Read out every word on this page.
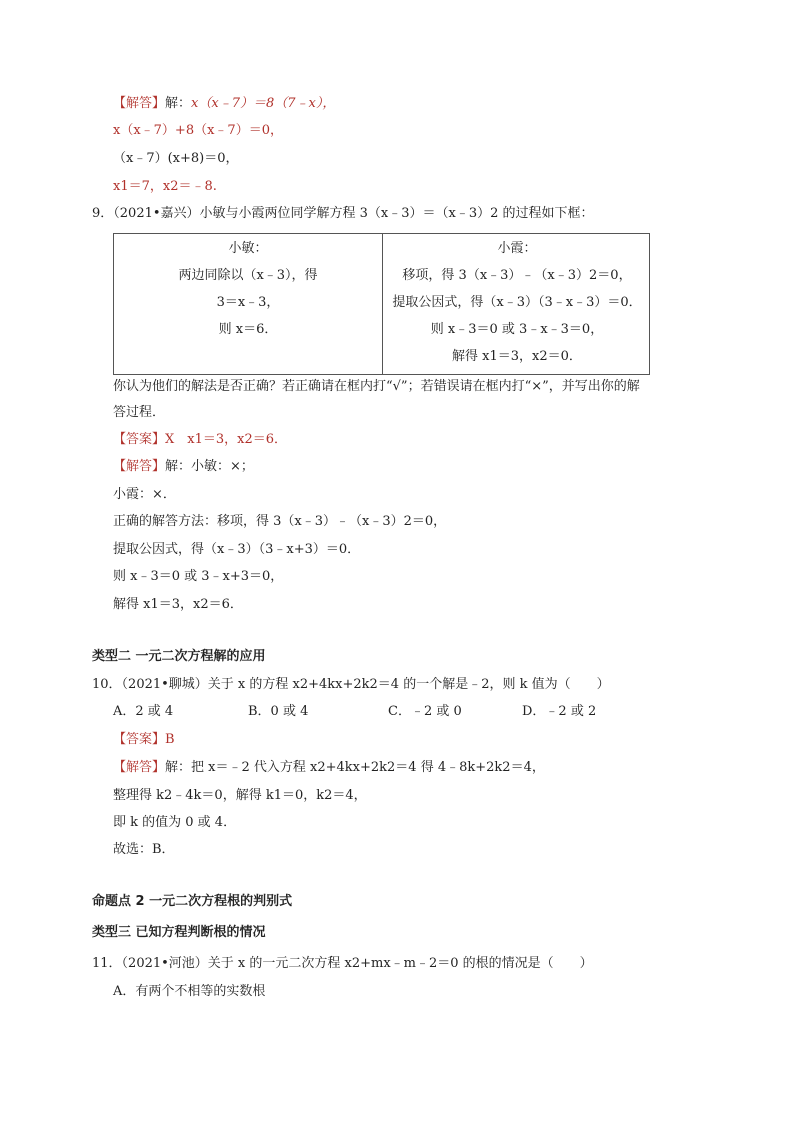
【解答】解：x（x﹣7）＝8（7﹣x），
x（x﹣7）+8（x﹣7）＝0，
（x﹣7）(x+8)＝0，
x1＝7，x2＝﹣8.
9．（2021•嘉兴）小敏与小霞两位同学解方程 3（x﹣3）＝（x﹣3）2 的过程如下框：
小敏：
两边同除以（x﹣3），得
3＝x﹣3，
则 x＝6．
小霞：
移项，得 3（x﹣3）﹣（x﹣3）2＝0，
提取公因式，得（x﹣3）（3﹣x﹣3）＝0．
则 x﹣3＝0 或 3﹣x﹣3＝0，
解得 x1＝3，x2＝0．
你认为他们的解法是否正确？若正确请在框内打“√”；若错误请在框内打“×”，并写出你的解
答过程．
【答案】X　x1＝3，x2＝6．
【解答】解：小敏：×；
小霞：×．
正确的解答方法：移项，得 3（x﹣3）﹣（x﹣3）2＝0，
提取公因式，得（x﹣3）（3﹣x+3）＝0．
则 x﹣3＝0 或 3﹣x+3＝0，
解得 x1＝3，x2＝6．
类型二 一元二次方程解的应用
10．（2021•聊城）关于 x 的方程 x2+4kx+2k2＝4 的一个解是﹣2，则 k 值为（　　）
A．2 或 4	B．0 或 4	C．﹣2 或 0	D．﹣2 或 2
【答案】B
【解答】解：把 x＝﹣2 代入方程 x2+4kx+2k2＝4 得 4﹣8k+2k2＝4，
整理得 k2﹣4k＝0，解得 k1＝0，k2＝4，
即 k 的值为 0 或 4．
故选：B．
命题点 2 一元二次方程根的判别式
类型三 已知方程判断根的情况
11．（2021•河池）关于 x 的一元二次方程 x2+mx﹣m﹣2＝0 的根的情况是（　　）
A．有两个不相等的实数根
